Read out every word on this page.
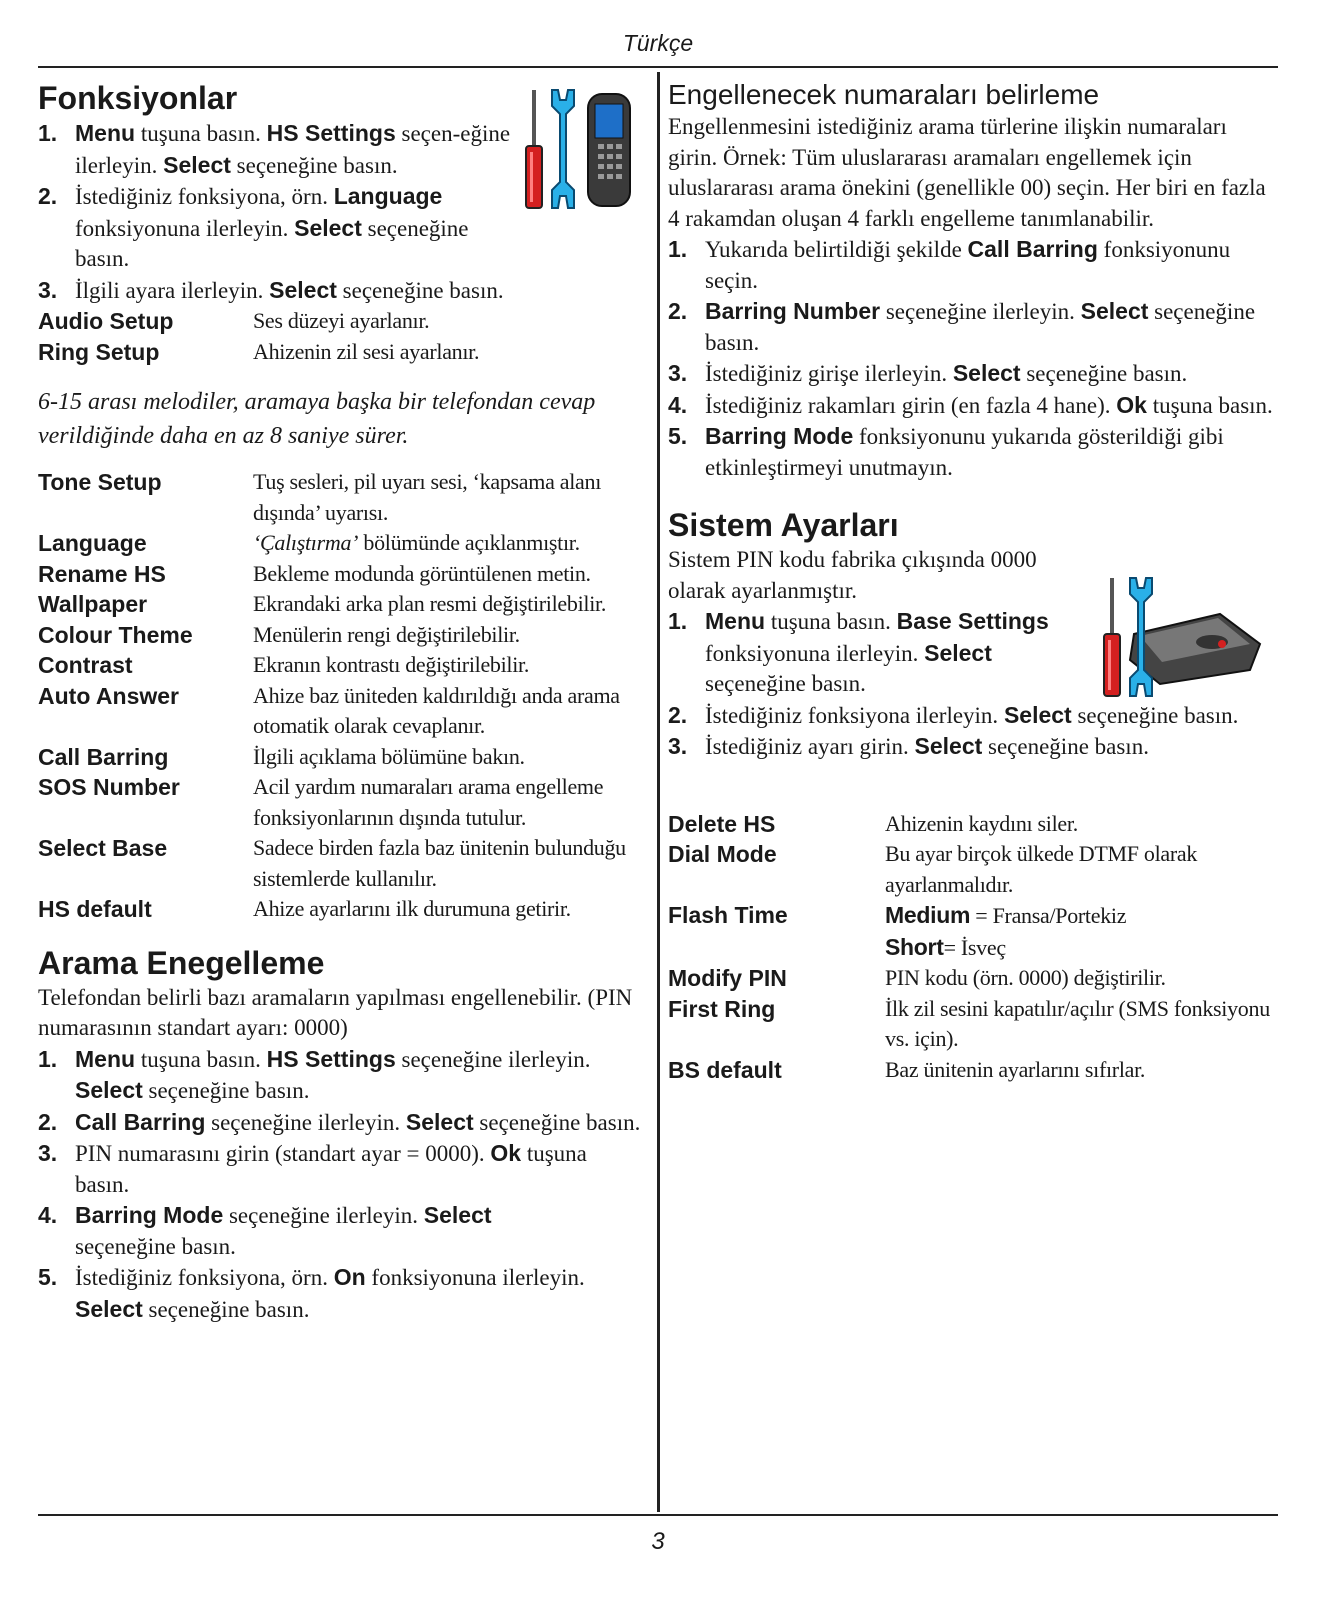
Türkçe
3
Fonksiyonlar
1. Menu tuşuna basın. HS Settings seçen-eğine ilerleyin. Select seçeneğine basın.
2. İstediğiniz fonksiyona, örn. Language fonksiyonuna ilerleyin. Select seçeneğine basın.
3. İlgili ayara ilerleyin. Select seçeneğine basın.
Audio Setup	Ses düzeyi ayarlanır.
Ring Setup	Ahizenin zil sesi ayarlanır.
6-15 arası melodiler, aramaya başka bir telefondan cevap verildiğinde daha en az 8 saniye sürer.
Tone Setup	Tuş sesleri, pil uyarı sesi, ‘kapsama alanı dışında’ uyarısı.
Language	‘Çalıştırma’ bölümünde açıklanmıştır.
Rename HS	Bekleme modunda görüntülenen metin.
Wallpaper	Ekrandaki arka plan resmi değiştirilebilir.
Colour Theme	Menülerin rengi değiştirilebilir.
Contrast	Ekranın kontrastı değiştirilebilir.
Auto Answer	Ahize baz üniteden kaldırıldığı anda arama otomatik olarak cevaplanır.
Call Barring	İlgili açıklama bölümüne bakın.
SOS Number	Acil yardım numaraları arama engelleme fonksiyonlarının dışında tutulur.
Select Base	Sadece birden fazla baz ünitenin bulunduğu sistemlerde kullanılır.
HS default	Ahize ayarlarını ilk durumuna getirir.
Arama Enegelleme
Telefondan belirli bazı aramaların yapılması engellenebilir. (PIN numarasının standart ayarı: 0000)
1. Menu tuşuna basın. HS Settings seçeneğine ilerleyin. Select seçeneğine basın.
2. Call Barring seçeneğine ilerleyin. Select seçeneğine basın.
3. PIN numarasını girin (standart ayar = 0000). Ok tuşuna basın.
4. Barring Mode seçeneğine ilerleyin. Select seçeneğine basın.
5. İstediğiniz fonksiyona, örn. On fonksiyonuna ilerleyin. Select seçeneğine basın.
Engellenecek numaraları belirleme
Engellenmesini istediğiniz arama türlerine ilişkin numaraları girin. Örnek: Tüm uluslararası aramaları engellemek için uluslararası arama önekini (genellikle 00) seçin. Her biri en fazla 4 rakamdan oluşan 4 farklı engelleme tanımlanabilir.
1. Yukarıda belirtildiği şekilde Call Barring fonksiyonunu seçin.
2. Barring Number seçeneğine ilerleyin. Select seçeneğine basın.
3. İstediğiniz girişe ilerleyin. Select seçeneğine basın.
4. İstediğiniz rakamları girin (en fazla 4 hane). Ok tuşuna basın.
5. Barring Mode fonksiyonunu yukarıda gösterildiği gibi etkinleştirmeyi unutmayın.
Sistem Ayarları
Sistem PIN kodu fabrika çıkışında 0000 olarak ayarlanmıştır.
1. Menu tuşuna basın. Base Settings fonksiyonuna ilerleyin. Select seçeneğine basın.
2. İstediğiniz fonksiyona ilerleyin. Select seçeneğine basın.
3. İstediğiniz ayarı girin. Select seçeneğine basın.
Delete HS	Ahizenin kaydını siler.
Dial Mode	Bu ayar birçok ülkede DTMF olarak ayarlanmalıdır.
Flash Time	Medium = Fransa/Portekiz
Short= İsveç
Modify PIN	PIN kodu (örn. 0000) değiştirilir.
First Ring	İlk zil sesini kapatılır/açılır (SMS fonksiyonu vs. için).
BS default	Baz ünitenin ayarlarını sıfırlar.
